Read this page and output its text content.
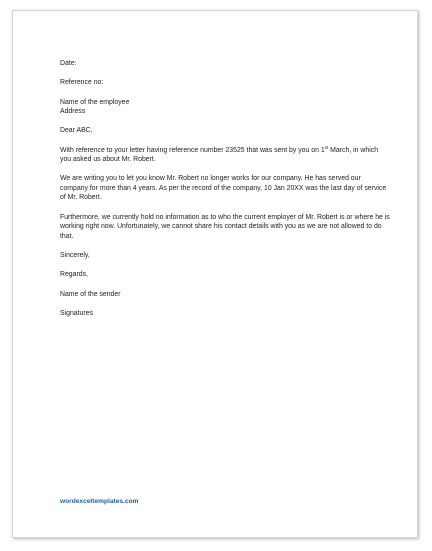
Date:
Reference no:
Name of the employee
Address
Dear ABC,
With reference to your letter having reference number 23525 that was sent by you on 1st March, in which you asked us about Mr. Robert.
We are writing you to let you know Mr. Robert no longer works for our company. He has served our company for more than 4 years. As per the record of the company, 10 Jan 20XX was the last day of service of Mr. Robert.
Furthermore, we currently hold no information as to who the current employer of Mr. Robert is or where he is working right now. Unfortunately, we cannot share his contact details with you as we are not allowed to do that.
Sincerely,
Regards,
Name of the sender
Signatures
wordexceltemplates.com
